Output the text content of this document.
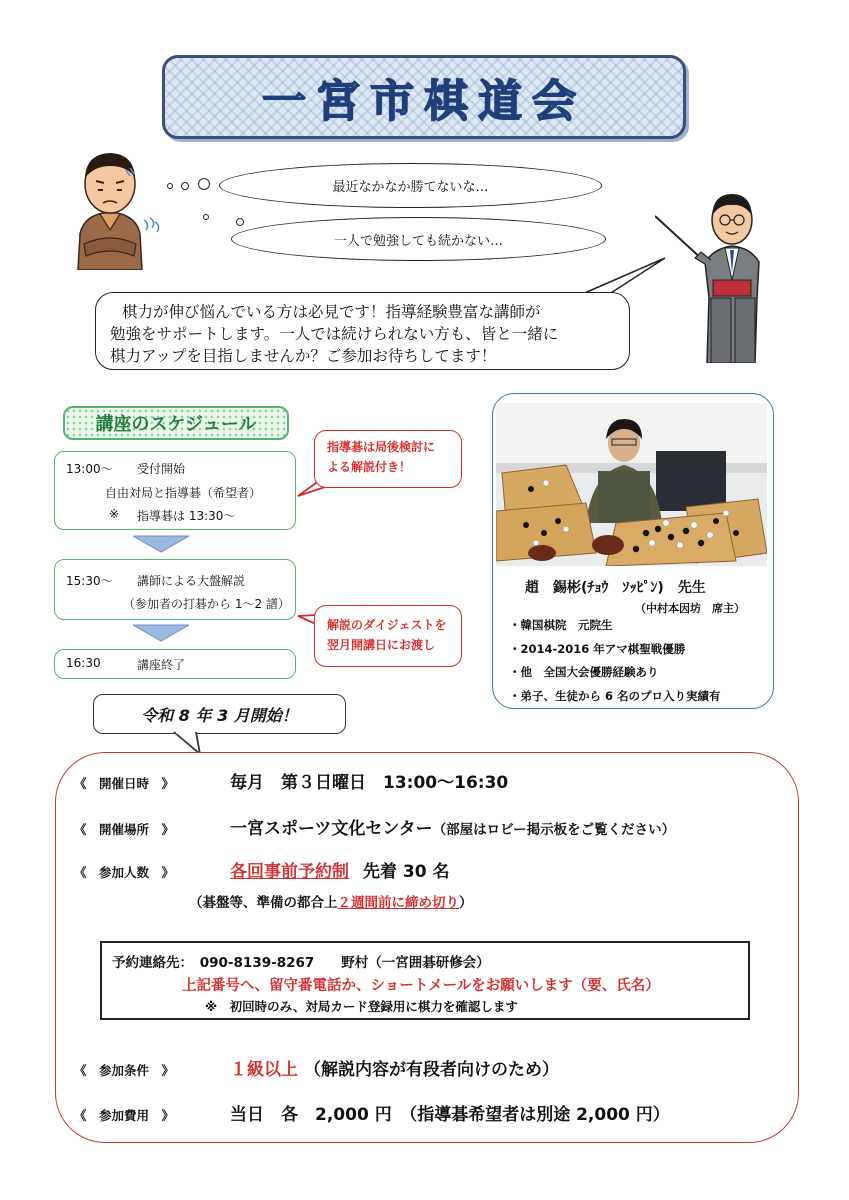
一宮市棋道会
最近なかなか勝てないな…
一人で勉強しても続かない…

棋力が伸び悩んでいる方は必見です！指導経験豊富な講師が

勉強をサポートします。一人では続けられない方も、皆と一緒に

棋力アップを目指しませんか？ご参加お待ちしてます！

講座のスケジュール
13:00～ 受付開始
自由対局と指導碁（希望者）
※ 指導碁は 13:30～
15:30～ 講師による大盤解説
（参加者の打碁から 1～2 譜）
16:30	講座終了
指導碁は局後検討に
よる解説付き！
解説のダイジェストを
翌月開講日にお渡し
趙　錫彬(ﾁｮｳ　ｿｯﾋﾟﾝ)　先生
（中村本因坊　席主）
・韓国棋院　元院生
・2014-2016 年アマ棋聖戦優勝
・他　全国大会優勝経験あり
・弟子、生徒から 6 名のプロ入り実績有
令和 8 年 3 月開始！
《　開催日時　》	毎月　第３日曜日　13:00～16:30
《　開催場所　》	一宮スポーツ文化センター （部屋はロビー掲示板をご覧ください）
《　参加人数　》	各回事前予約制 先着 30 名
（碁盤等、準備の都合上 ２週間前に締め切り ）
予約連絡先：　090-8139-8267　　野村（一宮囲碁研修会）
上記番号へ、留守番電話か、ショートメールをお願いします（要、氏名）
※　初回時のみ、対局カード登録用に棋力を確認します
《　参加条件　》	１級以上 （解説内容が有段者向けのため）
《　参加費用　》	当日　各　2,000 円　（指導碁希望者は別途 2,000 円）
